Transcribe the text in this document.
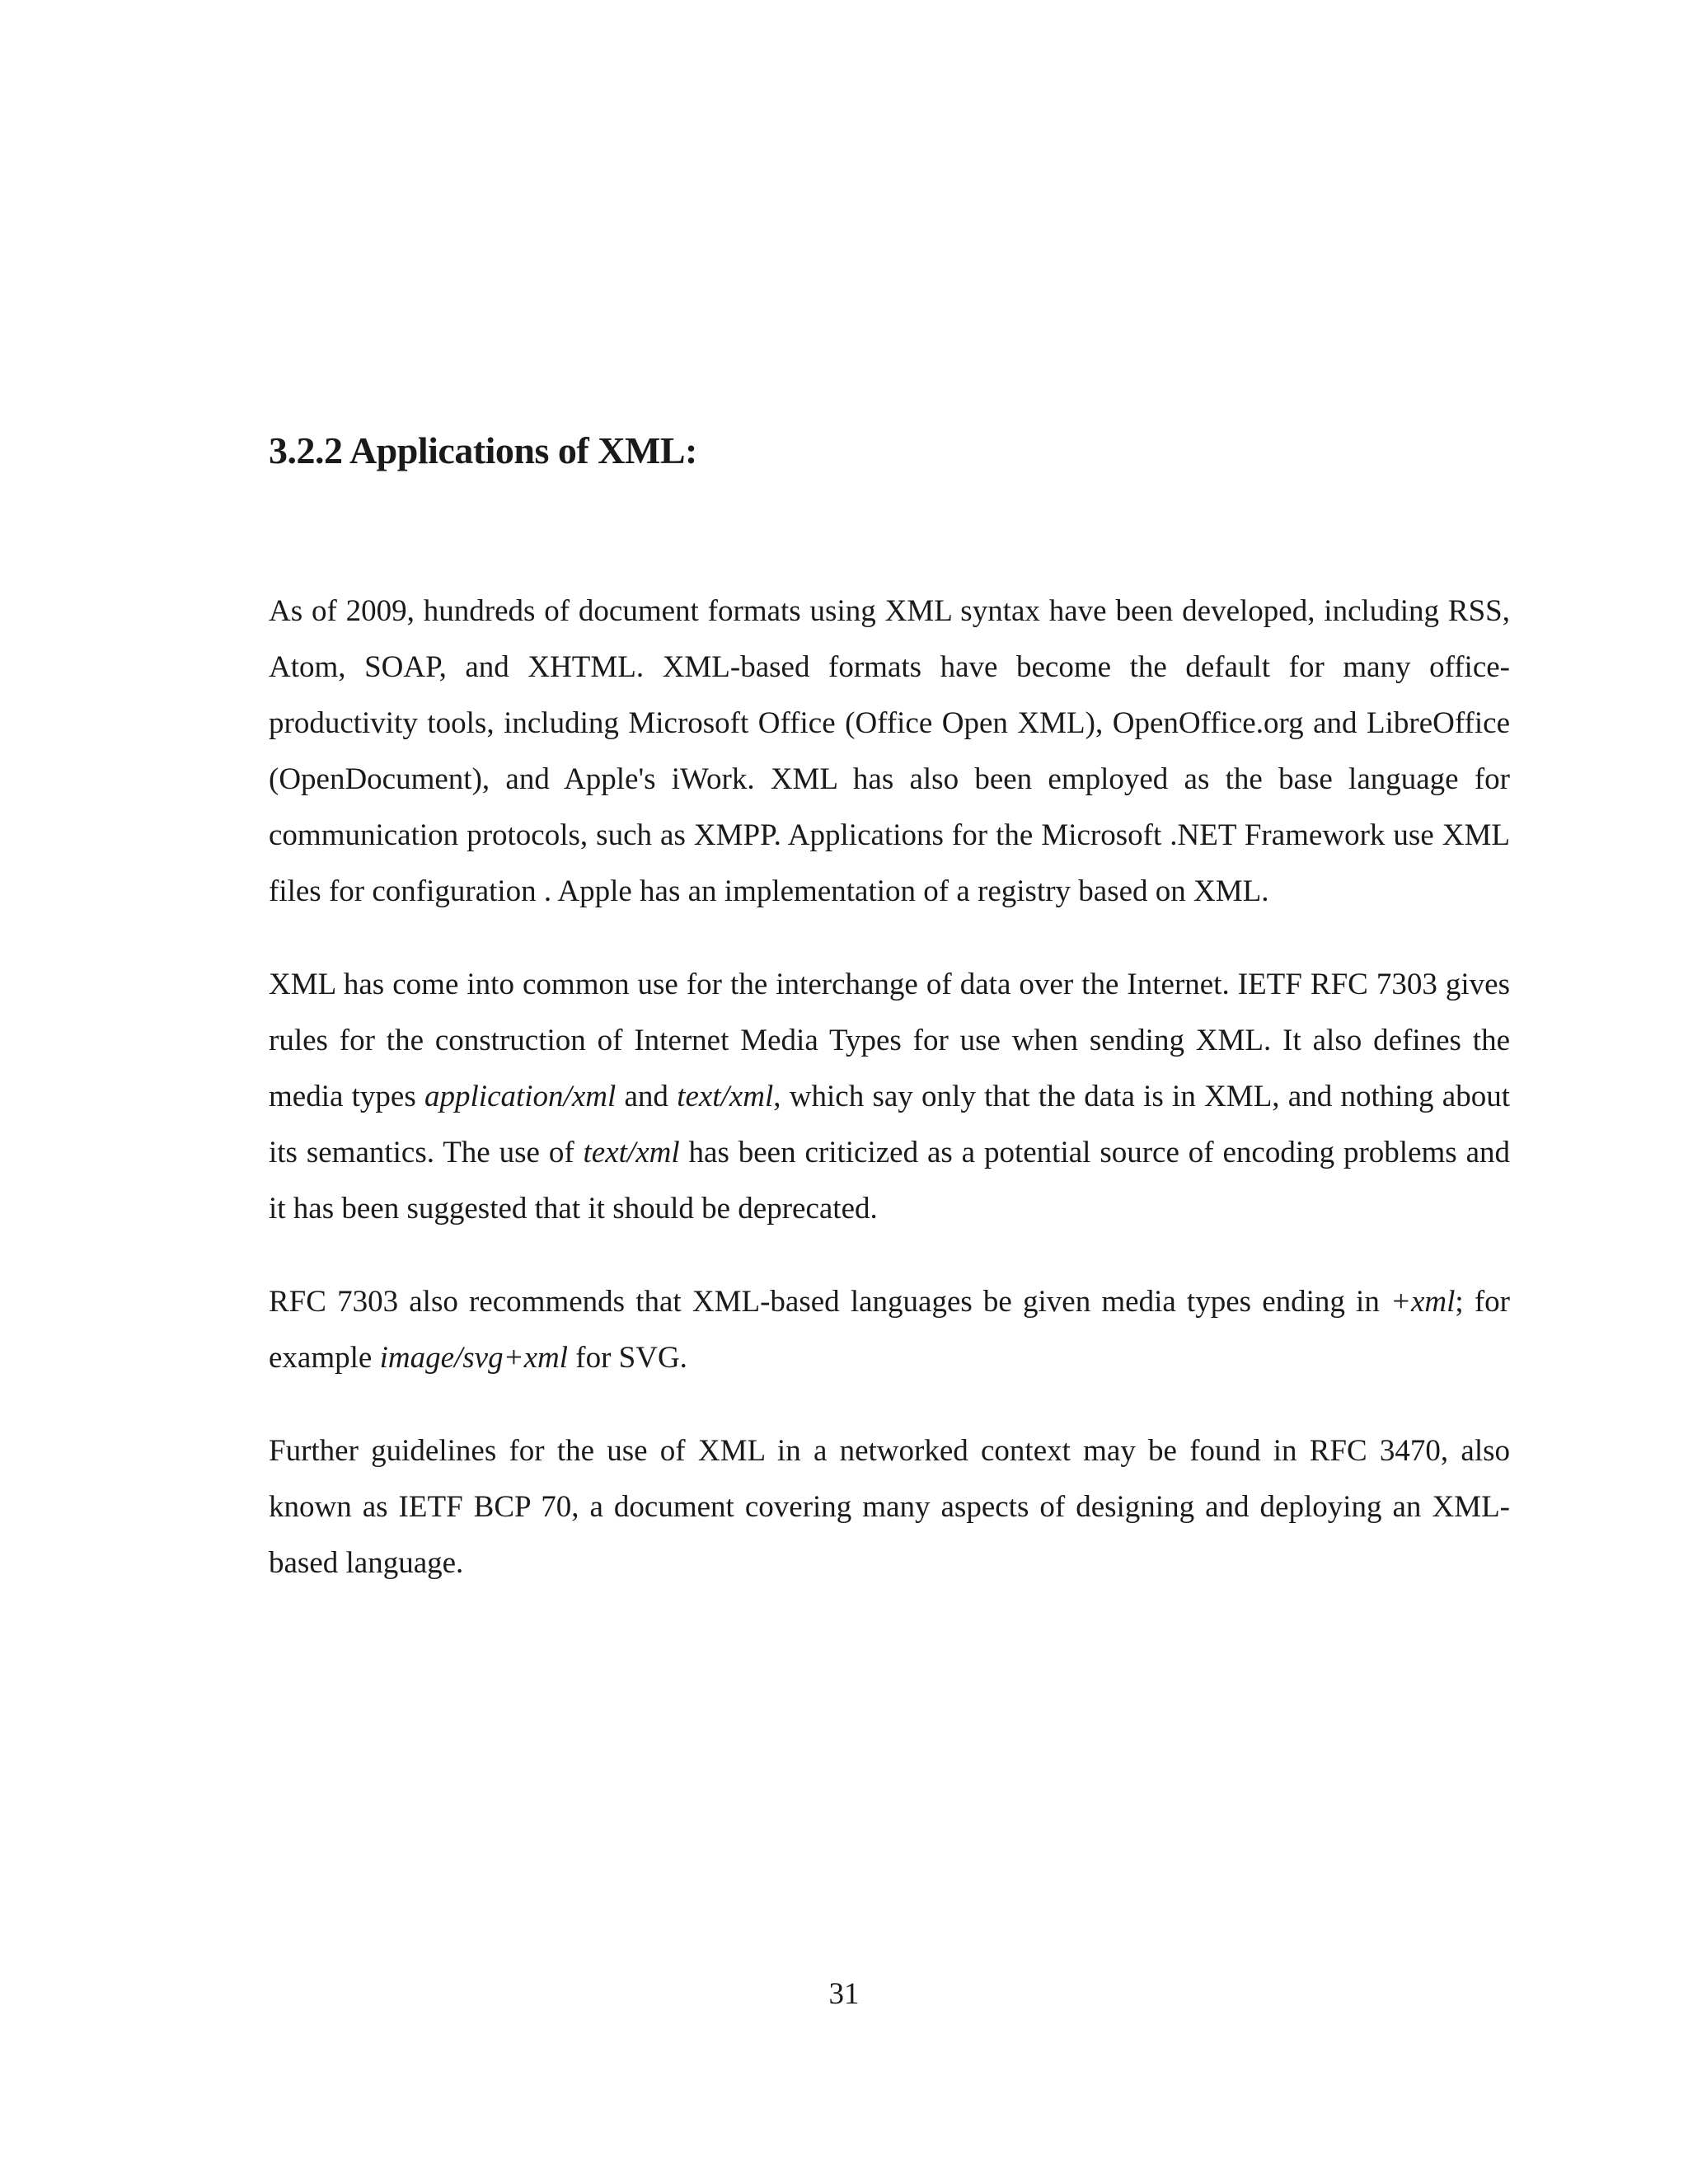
3.2.2 Applications of XML:

As of 2009, hundreds of document formats using XML syntax have been developed, including RSS, Atom, SOAP, and XHTML. XML-based formats have become the default for many office-productivity tools, including Microsoft Office (Office Open XML), OpenOffice.org and LibreOffice (OpenDocument), and Apple's iWork. XML has also been employed as the base language for communication protocols, such as XMPP. Applications for the Microsoft .NET Framework use XML files for configuration . Apple has an implementation of a registry based on XML.

XML has come into common use for the interchange of data over the Internet. IETF RFC 7303 gives rules for the construction of Internet Media Types for use when sending XML. It also defines the media types application/xml and text/xml, which say only that the data is in XML, and nothing about its semantics. The use of text/xml has been criticized as a potential source of encoding problems and it has been suggested that it should be deprecated.

RFC 7303 also recommends that XML-based languages be given media types ending in +xml; for example image/svg+xml for SVG.

Further guidelines for the use of XML in a networked context may be found in RFC 3470, also known as IETF BCP 70, a document covering many aspects of designing and deploying an XML-based language.

31
